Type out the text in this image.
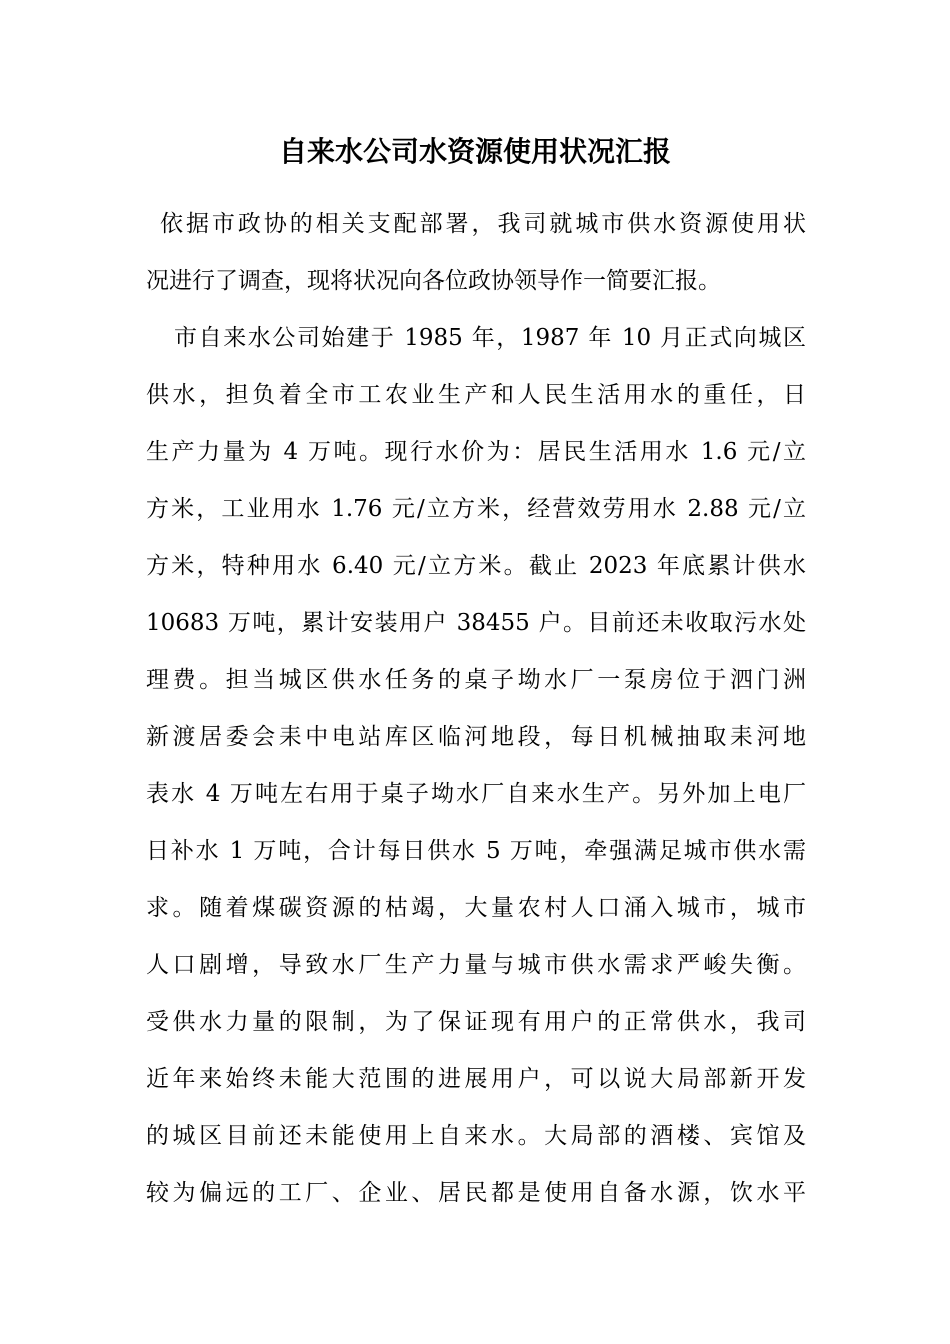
自来水公司水资源使用状况汇报
依据市政协的相关支配部署，我司就城市供水资源使用状
况进行了调查，现将状况向各位政协领导作一简要汇报。
市自来水公司始建于 1985 年，1987 年 10 月正式向城区
供水，担负着全市工农业生产和人民生活用水的重任，日
生产力量为 4 万吨。现行水价为：居民生活用水 1.6 元/立
方米，工业用水 1.76 元/立方米，经营效劳用水 2.88 元/立
方米，特种用水 6.40 元/立方米。截止 2023 年底累计供水
10683 万吨，累计安装用户 38455 户。目前还未收取污水处
理费。担当城区供水任务的桌子坳水厂一泵房位于泗门洲
新渡居委会耒中电站库区临河地段，每日机械抽取耒河地
表水 4 万吨左右用于桌子坳水厂自来水生产。另外加上电厂
日补水 1 万吨，合计每日供水 5 万吨，牵强满足城市供水需
求。随着煤碳资源的枯竭，大量农村人口涌入城市，城市
人口剧增，导致水厂生产力量与城市供水需求严峻失衡。
受供水力量的限制，为了保证现有用户的正常供水，我司
近年来始终未能大范围的进展用户，可以说大局部新开发
的城区目前还未能使用上自来水。大局部的酒楼、宾馆及
较为偏远的工厂、企业、居民都是使用自备水源，饮水平
